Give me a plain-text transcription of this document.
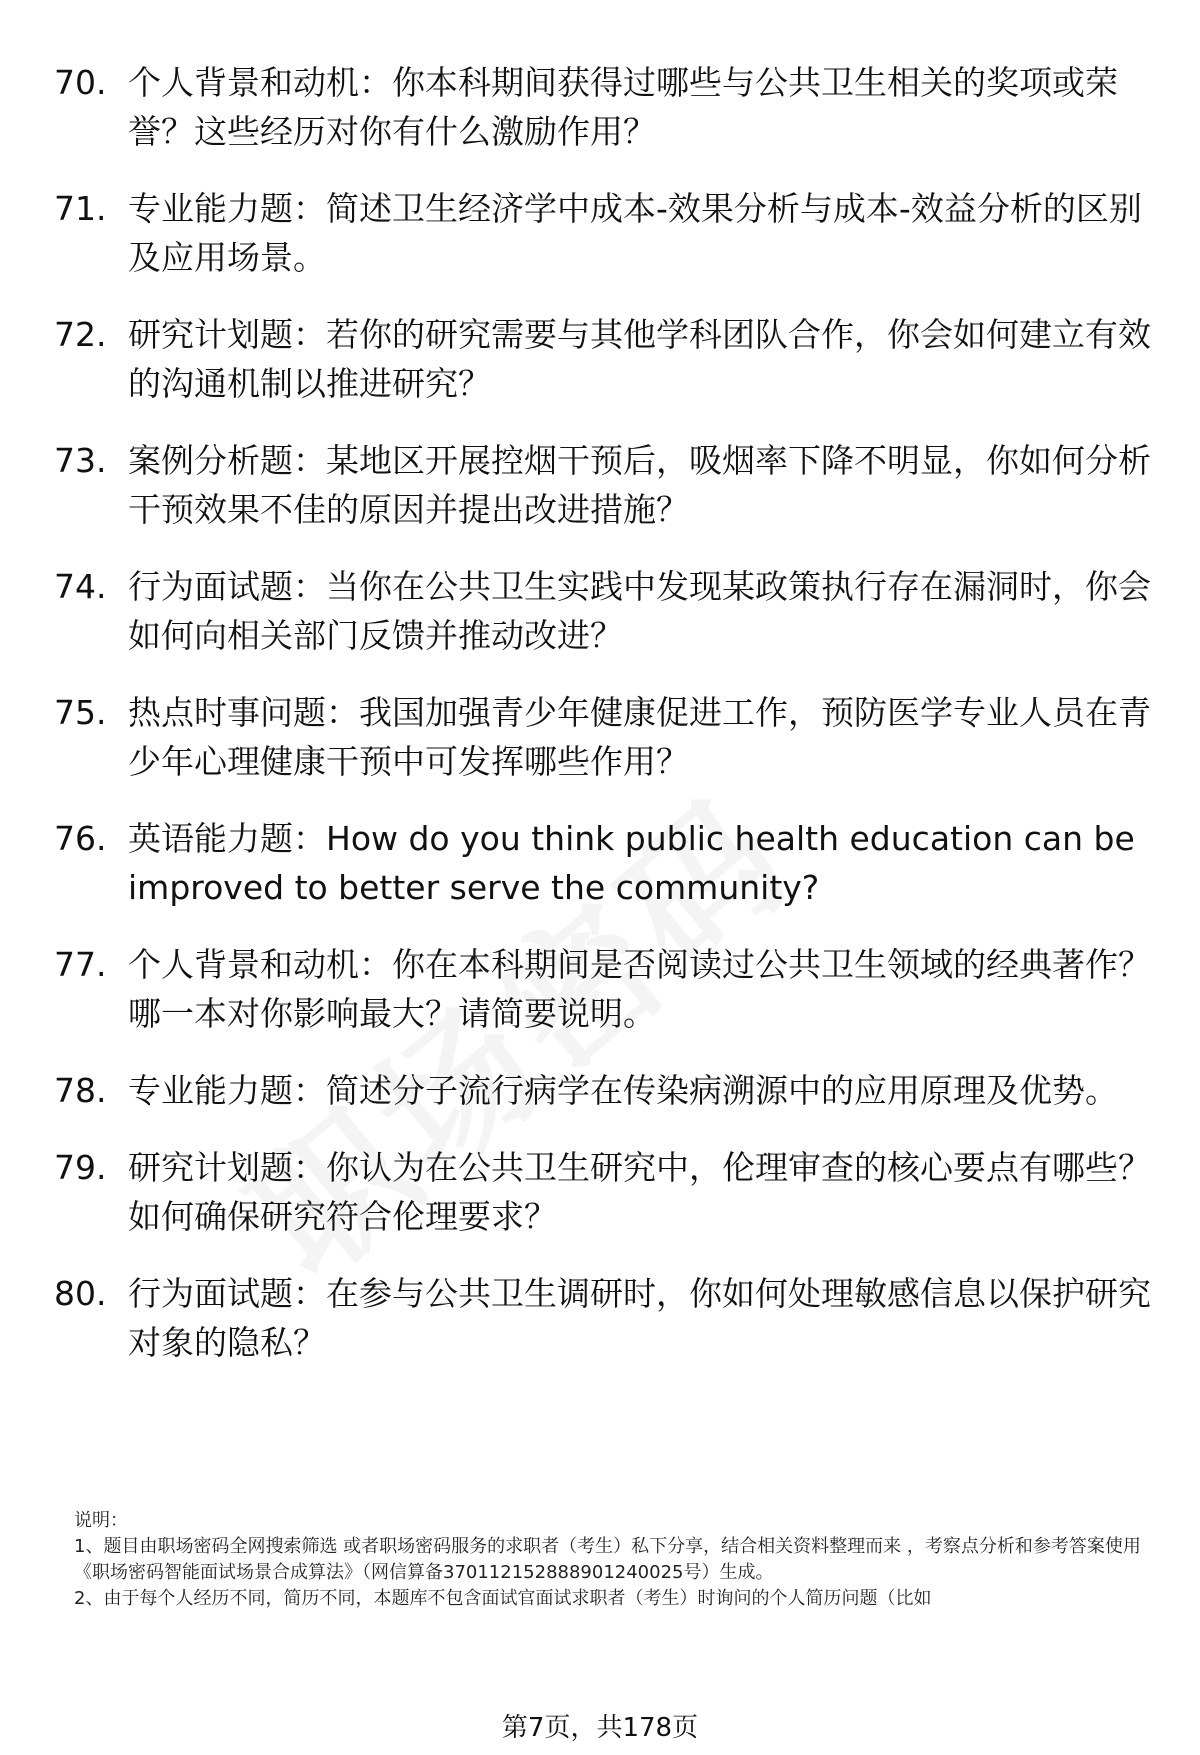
70. 个人背景和动机：你本科期间获得过哪些与公共卫生相关的奖项或荣誉？这些经历对你有什么激励作用？
71. 专业能力题：简述卫生经济学中成本-效果分析与成本-效益分析的区别及应用场景。
72. 研究计划题：若你的研究需要与其他学科团队合作，你会如何建立有效的沟通机制以推进研究？
73. 案例分析题：某地区开展控烟干预后，吸烟率下降不明显，你如何分析干预效果不佳的原因并提出改进措施？
74. 行为面试题：当你在公共卫生实践中发现某政策执行存在漏洞时，你会如何向相关部门反馈并推动改进？
75. 热点时事问题：我国加强青少年健康促进工作，预防医学专业人员在青少年心理健康干预中可发挥哪些作用？
76. 英语能力题：How do you think public health education can be improved to better serve the community?
77. 个人背景和动机：你在本科期间是否阅读过公共卫生领域的经典著作？哪一本对你影响最大？请简要说明。
78. 专业能力题：简述分子流行病学在传染病溯源中的应用原理及优势。
79. 研究计划题：你认为在公共卫生研究中，伦理审查的核心要点有哪些？如何确保研究符合伦理要求？
80. 行为面试题：在参与公共卫生调研时，你如何处理敏感信息以保护研究对象的隐私？
说明：
1、题目由职场密码全网搜索筛选 或者职场密码服务的求职者（考生）私下分享，结合相关资料整理而来 ，考察点分析和参考答案使用《职场密码智能面试场景合成算法》（网信算备370112152888901240025号）生成。
2、由于每个人经历不同，简历不同，本题库不包含面试官面试求职者（考生）时询问的个人简历问题（比如
第7页，共178页
